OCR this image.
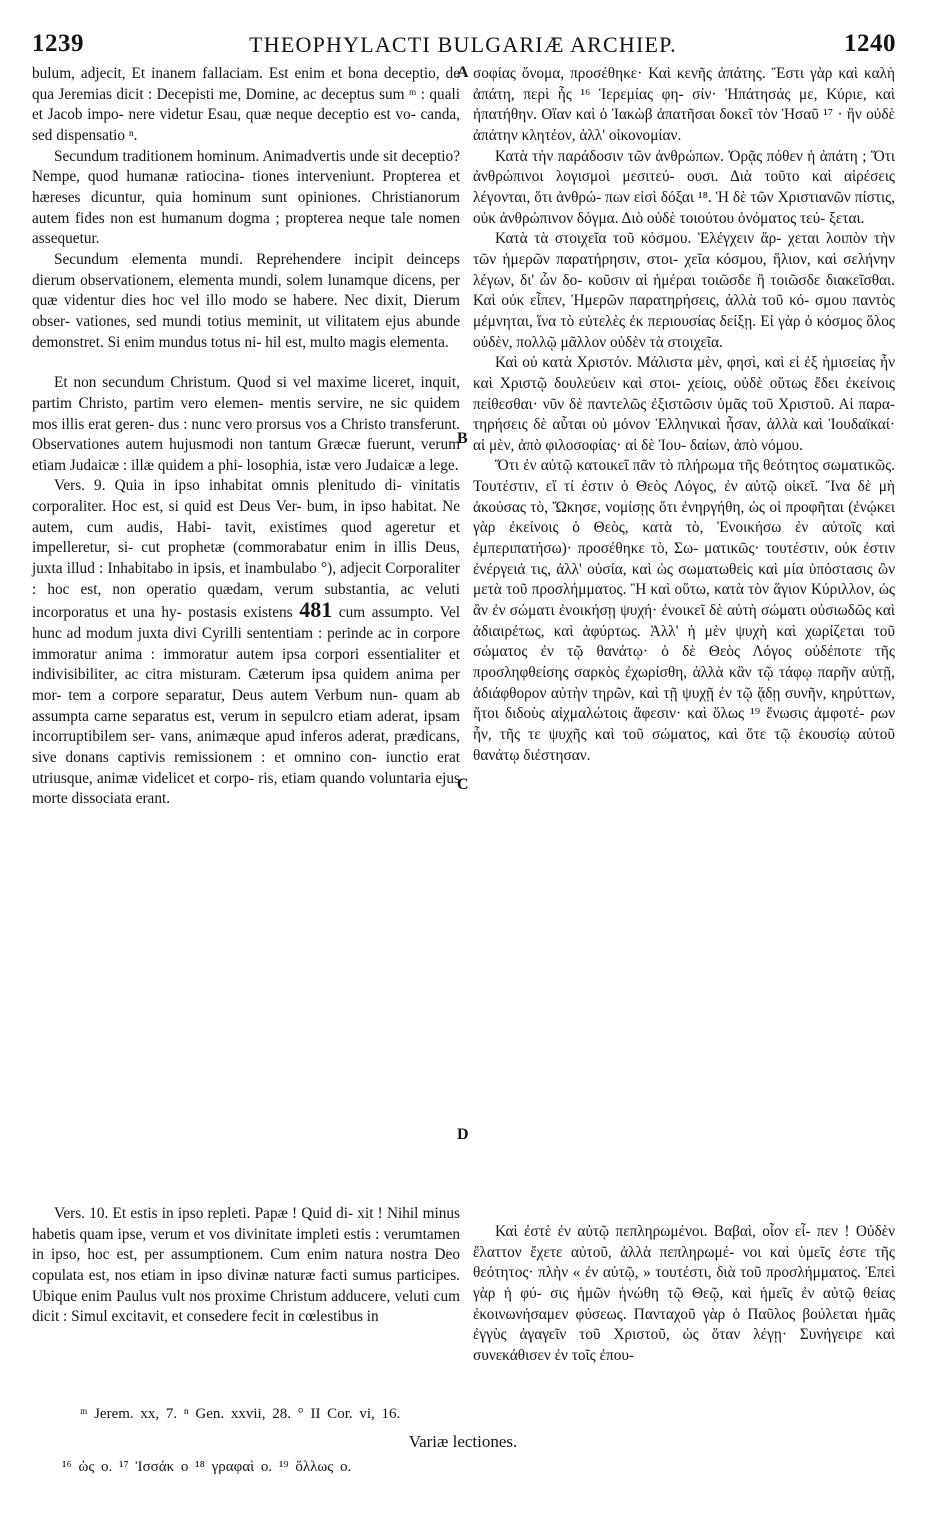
1239	THEOPHYLACTI BULGARIÆ ARCHIEP.	1240

bulum, adjecit, Et inanem fallaciam. Est enim et bona deceptio, de qua Jeremias dicit : Decepisti me, Domine, ac deceptus sum ᵐ : quali et Jacob impo- nere videtur Esau, quæ neque deceptio est vo- canda, sed dispensatio ⁿ.

Secundum traditionem hominum. Animadvertis unde sit deceptio? Nempe, quod humanæ ratiocina- tiones interveniunt. Propterea et hæreses dicuntur, quia hominum sunt opiniones. Christianorum autem fides non est humanum dogma ; propterea neque tale nomen assequetur.

Secundum elementa mundi. Reprehendere incipit deinceps dierum observationem, elementa mundi, solem lunamque dicens, per quæ videntur dies hoc vel illo modo se habere. Nec dixit, Dierum obser- vationes, sed mundi totius meminit, ut vilitatem ejus abunde demonstret. Si enim mundus totus ni- hil est, multo magis elementa.

Et non secundum Christum. Quod si vel maxime liceret, inquit, partim Christo, partim vero elemen- mentis servire, ne sic quidem mos illis erat geren- dus : nunc vero prorsus vos a Christo transferunt. Observationes autem hujusmodi non tantum Græcæ fuerunt, verum etiam Judaicæ : illæ quidem a phi- losophia, istæ vero Judaicæ a lege.

Vers. 9. Quia in ipso inhabitat omnis plenitudo di- vinitatis corporaliter. Hoc est, si quid est Deus Ver- bum, in ipso habitat. Ne autem, cum audis, Habi- tavit, existimes quod ageretur et impelleretur, si- cut prophetæ (commorabatur enim in illis Deus, juxta illud : Inhabitabo in ipsis, et inambulabo °), adjecit Corporaliter : hoc est, non operatio quædam, verum substantia, ac veluti incorporatus et una hy- postasis existens 481 cum assumpto. Vel hunc ad modum juxta divi Cyrilli sententiam : perinde ac in corpore immoratur anima : immoratur autem ipsa corpori essentialiter et indivisibiliter, ac citra misturam. Cæterum ipsa quidem anima per mor- tem a corpore separatur, Deus autem Verbum nun- quam ab assumpta carne separatus est, verum in sepulcro etiam aderat, ipsam incorruptibilem ser- vans, animæque apud inferos aderat, prædicans, sive donans captivis remissionem : et omnino con- iunctio erat utriusque, animæ videlicet et corpo- ris, etiam quando voluntaria ejus morte dissociata erant.

σοφίας ὄνομα, προσέθηκε· Καὶ κενῆς ἀπάτης. Ἔστι γὰρ καὶ καλὴ ἀπάτη, περὶ ἧς ¹⁶ Ἱερεμίας φη- σίν· Ἠπάτησάς με, Κύριε, καὶ ἠπατήθην. Οἵαν καὶ ὁ Ἰακὼβ ἀπατῆσαι δοκεῖ τὸν Ἡσαῦ ¹⁷ · ἣν οὐδὲ ἀπάτην κλητέον, ἀλλ' οἰκονομίαν.

Κατὰ τὴν παράδοσιν τῶν ἀνθρώπων. Ὁρᾷς πόθεν ἡ ἀπάτη ; Ὅτι ἀνθρώπινοι λογισμοὶ μεσιτεύ- ουσι. Διὰ τοῦτο καὶ αἱρέσεις λέγονται, ὅτι ἀνθρώ- πων εἰσὶ δόξαι ¹⁸. Ἡ δὲ τῶν Χριστιανῶν πίστις, οὐκ ἀνθρώπινον δόγμα. Διὸ οὐδὲ τοιούτου ὀνόματος τεύ- ξεται.

Κατὰ τὰ στοιχεῖα τοῦ κόσμου. Ἐλέγχειν ἄρ- χεται λοιπὸν τὴν τῶν ἡμερῶν παρατήρησιν, στοι- χεῖα κόσμου, ἥλιον, καὶ σελήνην λέγων, δι' ὧν δο- κοῦσιν αἱ ἡμέραι τοιῶσδε ἢ τοιῶσδε διακεῖσθαι. Καὶ οὐκ εἶπεν, Ἡμερῶν παρατηρήσεις, ἀλλὰ τοῦ κό- σμου παντὸς μέμνηται, ἵνα τὸ εὐτελὲς ἐκ περιουσίας δείξῃ. Εἰ γὰρ ὁ κόσμος ὅλος οὐδὲν, πολλῷ μᾶλλον οὐδὲν τὰ στοιχεῖα.

Καὶ οὐ κατὰ Χριστόν. Μάλιστα μὲν, φησὶ, καὶ εἰ ἐξ ἡμισείας ἦν καὶ Χριστῷ δουλεύειν καὶ στοι- χείοις, οὐδὲ οὕτως ἔδει ἐκείνοις πείθεσθαι· νῦν δὲ παντελῶς ἐξιστῶσιν ὑμᾶς τοῦ Χριστοῦ. Αἱ παρα- τηρήσεις δὲ αὗται οὐ μόνον Ἑλληνικαὶ ἦσαν, ἀλλὰ καὶ Ἰουδαϊκαί· αἱ μὲν, ἀπὸ φιλοσοφίας· αἱ δὲ Ἰου- δαίων, ἀπὸ νόμου.

Ὅτι ἐν αὐτῷ κατοικεῖ πᾶν τὸ πλήρωμα τῆς θεότητος σωματικῶς. Τουτέστιν, εἴ τί ἐστιν ὁ Θεὸς Λόγος, ἐν αὐτῷ οἰκεῖ. Ἵνα δὲ μὴ ἀκούσας τὸ, Ὤκησε, νομίσῃς ὅτι ἐνηργήθη, ὡς οἱ προφῆται (ἐνῴκει γὰρ ἐκείνοις ὁ Θεὸς, κατὰ τὸ, Ἐνοικήσω ἐν αὐτοῖς καὶ ἐμπεριπατήσω)· προσέθηκε τὸ, Σω- ματικῶς· τουτέστιν, οὐκ ἐστιν ἐνέργειά τις, ἀλλ' οὐσία, καὶ ὡς σωματωθεὶς καὶ μία ὑπόστασις ὢν μετὰ τοῦ προσλήμματος. Ἢ καὶ οὕτω, κατὰ τὸν ἅγιον Κύριλλον, ὡς ἂν ἐν σώματι ἐνοικήσῃ ψυχή· ἐνοικεῖ δὲ αὐτὴ σώματι οὐσιωδῶς καὶ ἀδιαιρέτως, καὶ ἀφύρτως. Ἀλλ' ἡ μὲν ψυχὴ καὶ χωρίζεται τοῦ σώματος ἐν τῷ θανάτῳ· ὁ δὲ Θεὸς Λόγος οὐδέποτε τῆς προσληφθείσης σαρκὸς ἐχωρίσθη, ἀλλὰ κἂν τῷ τάφῳ παρῆν αὐτῇ, ἀδιάφθορον αὐτὴν τηρῶν, καὶ τῇ ψυχῇ ἐν τῷ ᾅδῃ συνῆν, κηρύττων, ἤτοι διδοὺς αἰχμαλώτοις ἄφεσιν· καὶ ὅλως ¹⁹ ἕνωσις ἀμφοτέ- ρων ἦν, τῆς τε ψυχῆς καὶ τοῦ σώματος, καὶ ὅτε τῷ ἑκουσίῳ αὐτοῦ θανάτῳ διέστησαν.

A
B
C
D

Vers. 10. Et estis in ipso repleti. Papæ ! Quid di- xit ! Nihil minus habetis quam ipse, verum et vos divinitate impleti estis : verumtamen in ipso, hoc est, per assumptionem. Cum enim natura nostra Deo copulata est, nos etiam in ipso divinæ naturæ facti sumus participes. Ubique enim Paulus vult nos proxime Christum adducere, veluti cum dicit : Simul excitavit, et consedere fecit in cœlestibus in

Καὶ ἐστὲ ἐν αὐτῷ πεπληρωμένοι. Βαβαὶ, οἷον εἶ- πεν ! Οὐδὲν ἔλαττον ἔχετε αὐτοῦ, ἀλλὰ πεπληρωμέ- νοι καὶ ὑμεῖς ἐστε τῆς θεότητος· πλὴν « ἐν αὐτῷ, » τουτέστι, διὰ τοῦ προσλήμματος. Ἐπεὶ γὰρ ἡ φύ- σις ἡμῶν ἡνώθη τῷ Θεῷ, καὶ ἡμεῖς ἐν αὐτῷ θείας ἐκοινωνήσαμεν φύσεως. Πανταχοῦ γὰρ ὁ Παῦλος βούλεται ἡμᾶς ἐγγὺς ἀγαγεῖν τοῦ Χριστοῦ, ὡς ὅταν λέγῃ· Συνήγειρε καὶ συνεκάθισεν ἐν τοῖς ἐπου-

ᵐ Jerem. xx, 7. ⁿ Gen. xxvii, 28. ° II Cor. vi, 16.
Variæ lectiones.
¹⁶ ὡς ο. ¹⁷ Ἰσσάκ ο ¹⁸ γραφαὶ ο. ¹⁹ ὅλλως ο.
